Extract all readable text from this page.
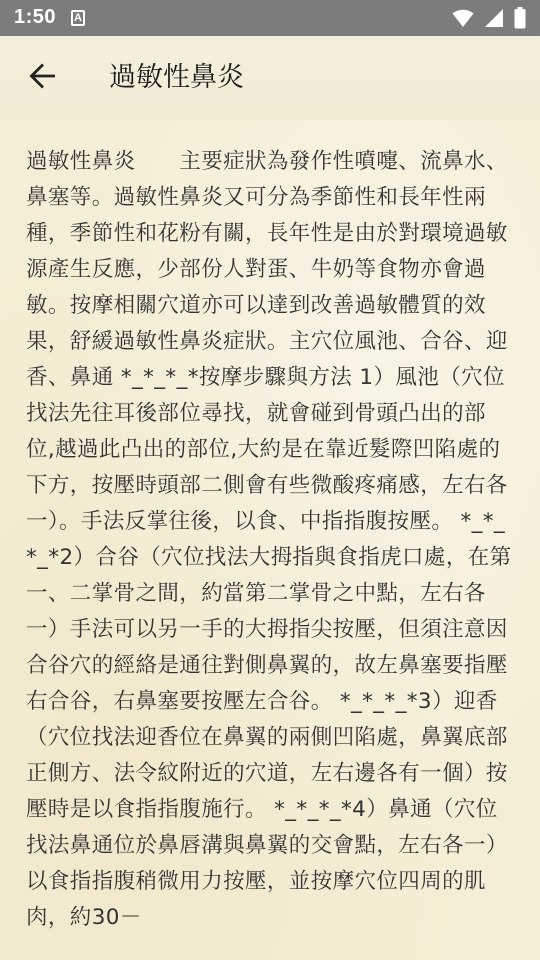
1:50 A
過敏性鼻炎

過敏性鼻炎　　主要症狀為發作性噴嚏、流鼻水、鼻塞等。過敏性鼻炎又可分為季節性和長年性兩種，季節性和花粉有關，長年性是由於對環境過敏源產生反應，少部份人對蛋、牛奶等食物亦會過敏。按摩相關穴道亦可以達到改善過敏體質的效果，舒緩過敏性鼻炎症狀。主穴位風池、合谷、迎香、鼻通 *_*_*_*按摩步驟與方法 1）風池（穴位找法先往耳後部位尋找，就會碰到骨頭凸出的部位,越過此凸出的部位,大約是在靠近髮際凹陷處的下方，按壓時頭部二側會有些微酸疼痛感，左右各一）。手法反掌往後，以食、中指指腹按壓。 *_*_*_*2）合谷（穴位找法大拇指與食指虎口處，在第一、二掌骨之間，約當第二掌骨之中點，左右各一）手法可以另一手的大拇指尖按壓，但須注意因合谷穴的經絡是通往對側鼻翼的，故左鼻塞要指壓右合谷，右鼻塞要按壓左合谷。 *_*_*_*3）迎香（穴位找法迎香位在鼻翼的兩側凹陷處，鼻翼底部正側方、法令紋附近的穴道，左右邊各有一個）按壓時是以食指指腹施行。 *_*_*_*4）鼻通（穴位找法鼻通位於鼻唇溝與鼻翼的交會點，左右各一）以食指指腹稍微用力按壓，並按摩穴位四周的肌肉，約30－
